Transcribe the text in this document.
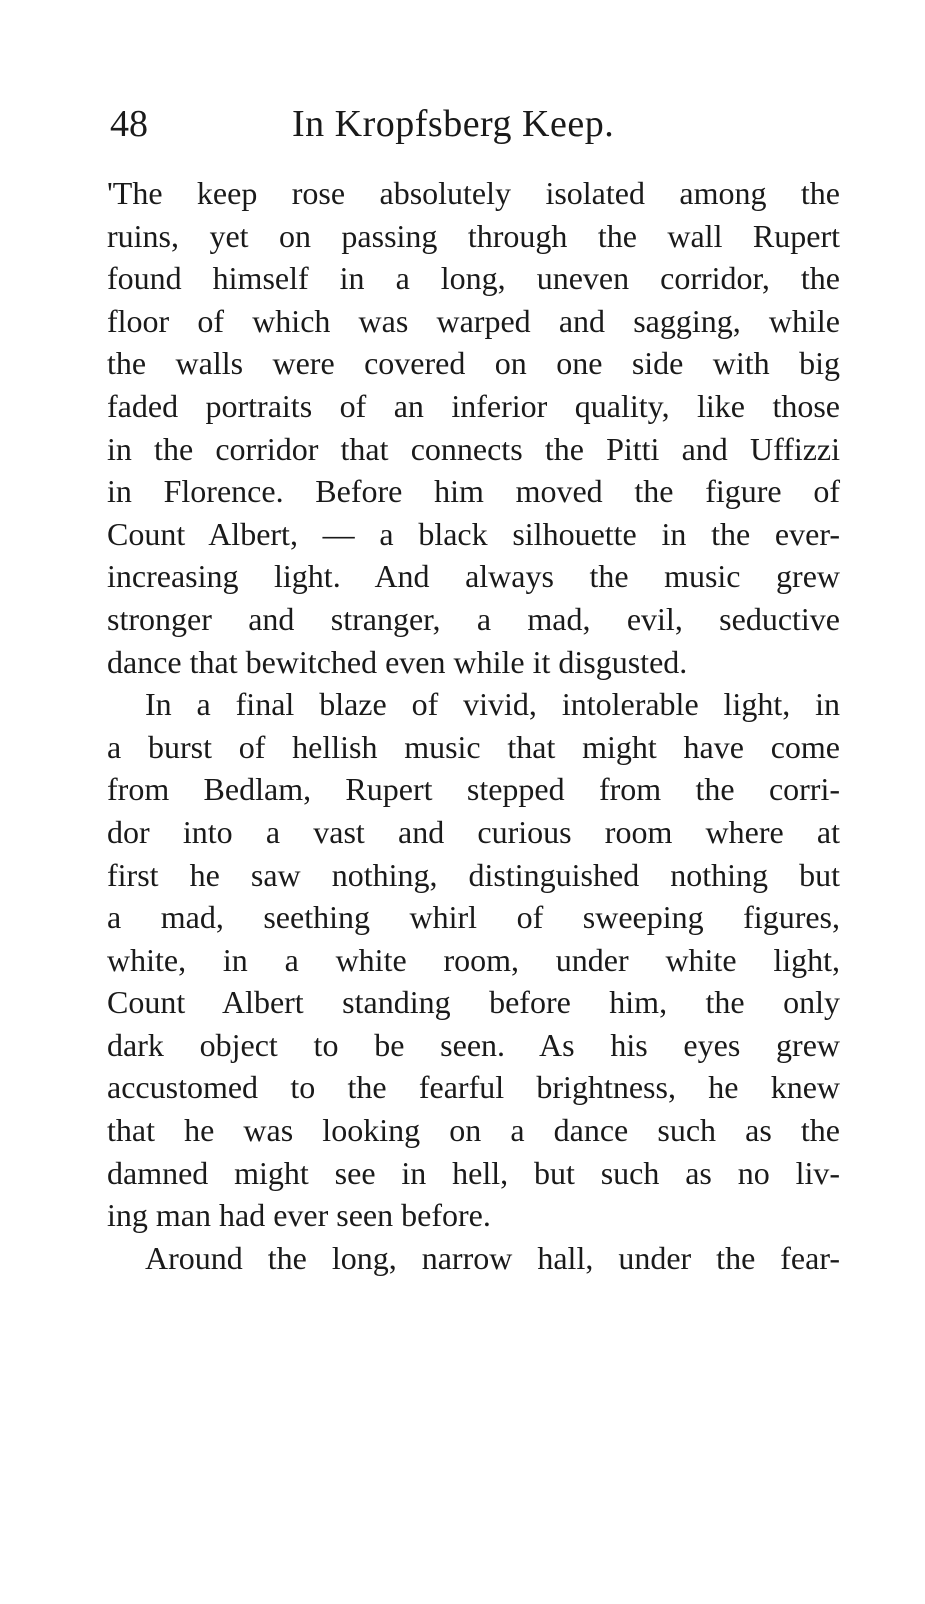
48	In Kropfsberg Keep.
'The keep rose absolutely isolated among the
ruins, yet on passing through the wall Rupert
found himself in a long, uneven corridor, the
floor of which was warped and sagging, while
the walls were covered on one side with big
faded portraits of an inferior quality, like those
in the corridor that connects the Pitti and Uffizzi
in Florence. Before him moved the figure of
Count Albert, — a black silhouette in the ever-
increasing light. And always the music grew
stronger and stranger, a mad, evil, seductive
dance that bewitched even while it disgusted.
In a final blaze of vivid, intolerable light, in
a burst of hellish music that might have come
from Bedlam, Rupert stepped from the corri-
dor into a vast and curious room where at
first he saw nothing, distinguished nothing but
a mad, seething whirl of sweeping figures,
white, in a white room, under white light,
Count Albert standing before him, the only
dark object to be seen. As his eyes grew
accustomed to the fearful brightness, he knew
that he was looking on a dance such as the
damned might see in hell, but such as no liv-
ing man had ever seen before.
Around the long, narrow hall, under the fear-
